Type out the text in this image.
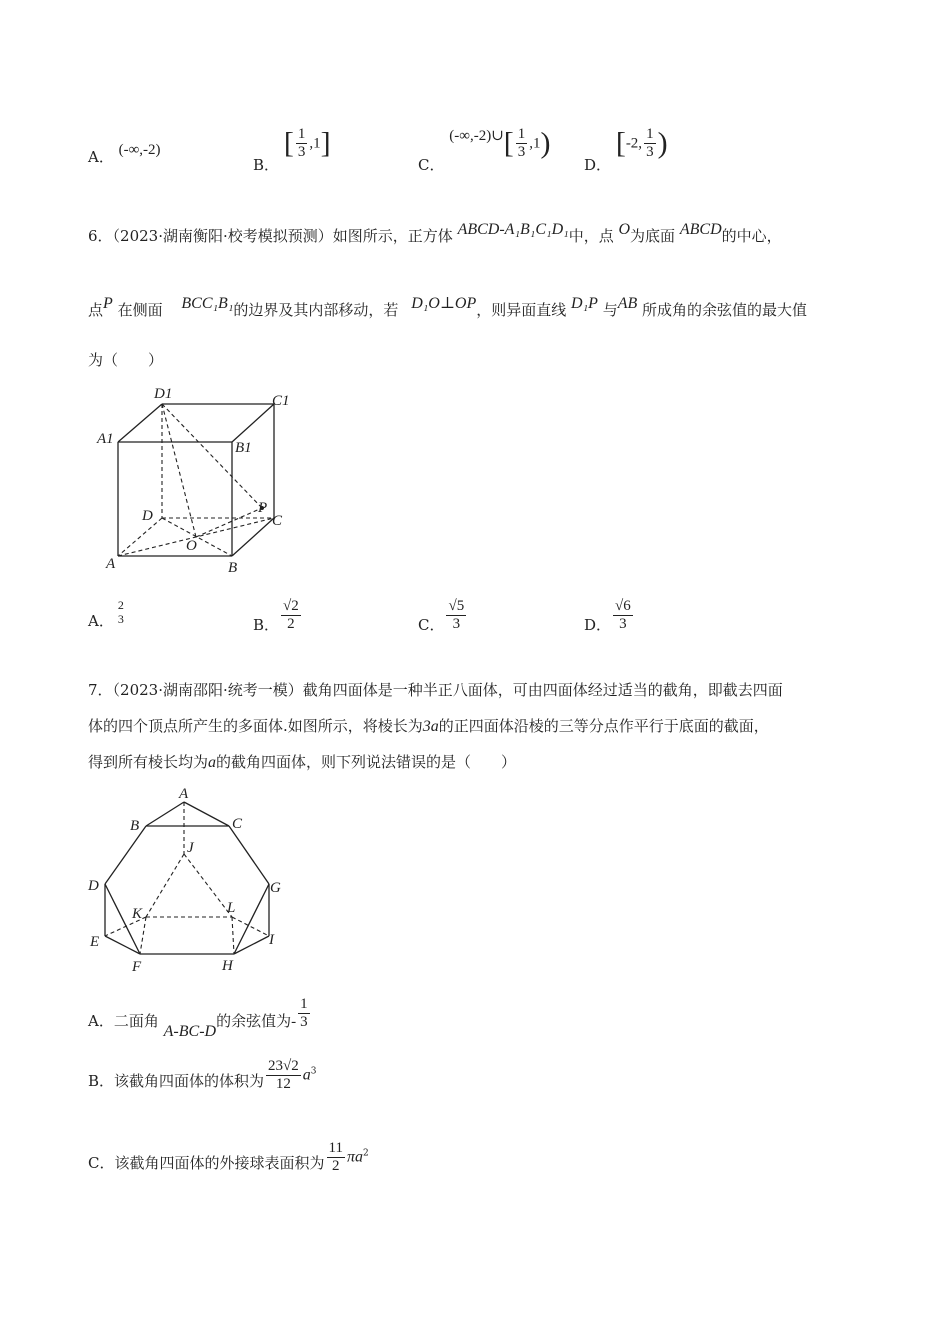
A． (-∞,-2)
B． [ $\frac{1}{3} ,1$]
C． (-∞,-2)∪[ $\frac{1}{3} ,1$)
D． [-2, $\frac{1}{3}$ )
6．（2023·湖南衡阳·校考模拟预测）如图所示，正方体 ABCD-A₁B₁C₁D₁中，点 O为底面 ABCD的中心，
点P 在侧面 BCC₁B₁的边界及其内部移动，若 D₁O⊥OP，则异面直线 D₁P 与AB 所成角的余弦值的最大值
为（　　）
D1	C1
A1
B1
D	P
C
O
A	B
A．
2
3	B． $\frac{√2}{2}$	C． $\frac{√5}{3}$	D． $\frac{√6}{3}$
7．（2023·湖南邵阳·统考一模）截角四面体是一种半正八面体，可由四面体经过适当的截角，即截去四面
体的四个顶点所产生的多面体.如图所示，将棱长为3a的正四面体沿棱的三等分点作平行于底面的截面，
得到所有棱长均为a的截角四面体，则下列说法错误的是（　　）
A
B	C
J
D	G
K	L
E	I
F	H
A．二面角 A-BC-D的余弦值为- $\frac{1}{3}$
B．该截角四面体的体积为 $\frac{23√2}{12} a^3$
C．该截角四面体的外接球表面积为 $\frac{11}{2} \pi a^2$
